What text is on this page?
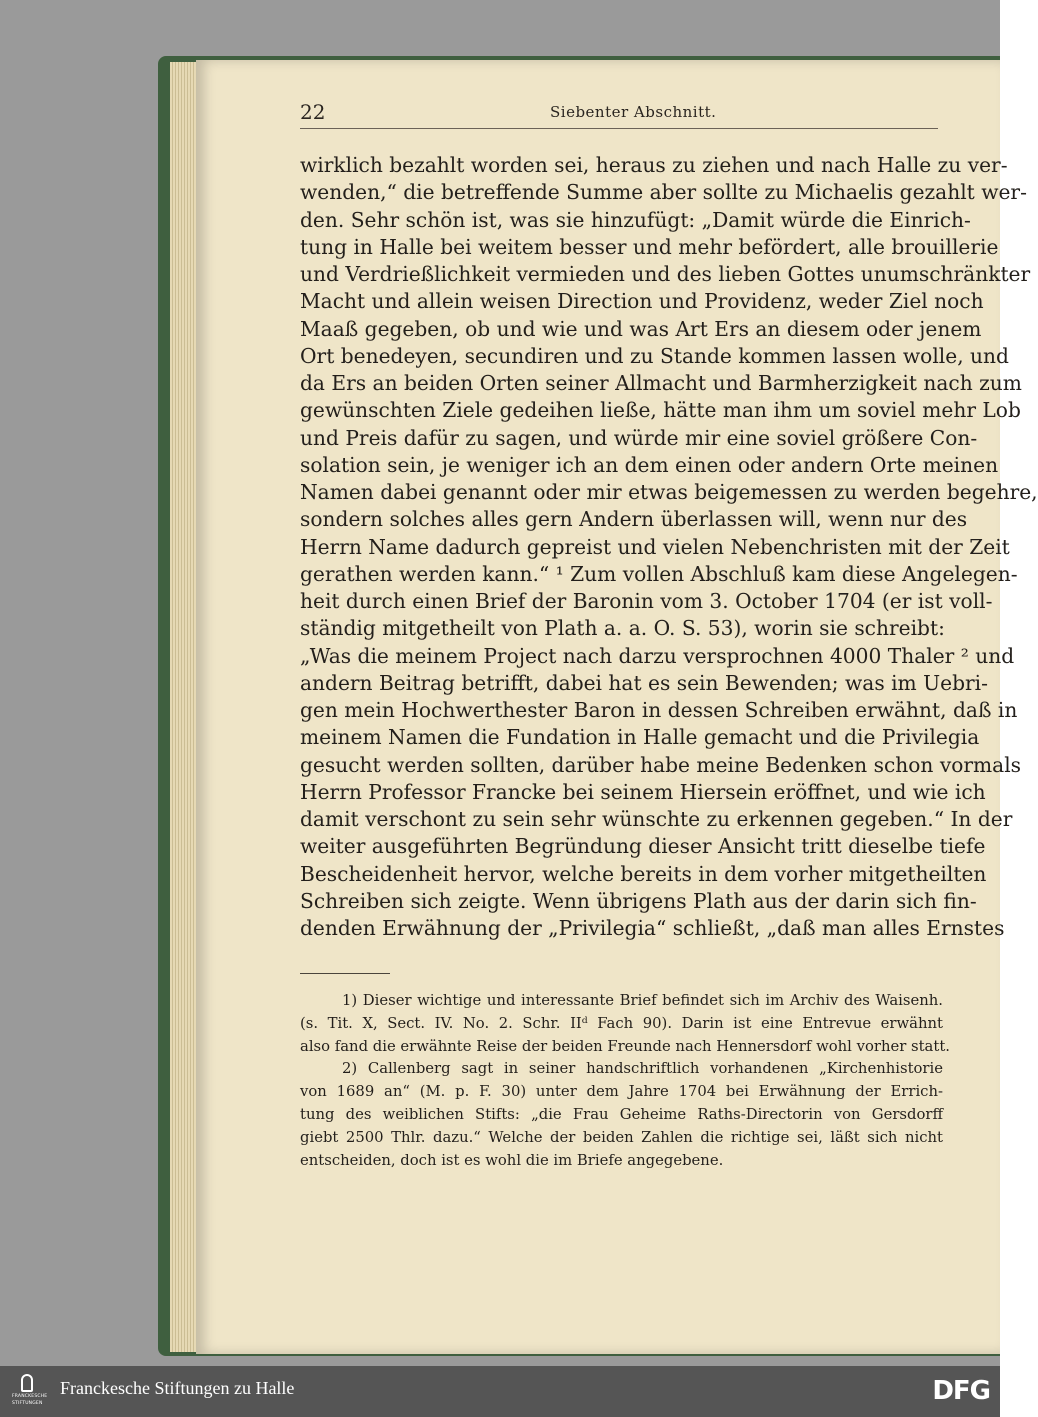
22	Siebenter Abschnitt.
wirklich bezahlt worden sei, heraus zu ziehen und nach Halle zu ver-
wenden,“ die betreffende Summe aber sollte zu Michaelis gezahlt wer-
den. Sehr schön ist, was sie hinzufügt: „Damit würde die Einrich-
tung in Halle bei weitem besser und mehr befördert, alle brouillerie
und Verdrießlichkeit vermieden und des lieben Gottes unumschränkter
Macht und allein weisen Direction und Providenz, weder Ziel noch
Maaß gegeben, ob und wie und was Art Ers an diesem oder jenem
Ort benedeyen, secundiren und zu Stande kommen lassen wolle, und
da Ers an beiden Orten seiner Allmacht und Barmherzigkeit nach zum
gewünschten Ziele gedeihen ließe, hätte man ihm um soviel mehr Lob
und Preis dafür zu sagen, und würde mir eine soviel größere Con-
solation sein, je weniger ich an dem einen oder andern Orte meinen
Namen dabei genannt oder mir etwas beigemessen zu werden begehre,
sondern solches alles gern Andern überlassen will, wenn nur des
Herrn Name dadurch gepreist und vielen Nebenchristen mit der Zeit
gerathen werden kann.“ ¹ Zum vollen Abschluß kam diese Angelegen-
heit durch einen Brief der Baronin vom 3. October 1704 (er ist voll-
ständig mitgetheilt von Plath a. a. O. S. 53), worin sie schreibt:
„Was die meinem Project nach darzu versprochnen 4000 Thaler ² und
andern Beitrag betrifft, dabei hat es sein Bewenden; was im Uebri-
gen mein Hochwerthester Baron in dessen Schreiben erwähnt, daß in
meinem Namen die Fundation in Halle gemacht und die Privilegia
gesucht werden sollten, darüber habe meine Bedenken schon vormals
Herrn Professor Francke bei seinem Hiersein eröffnet, und wie ich
damit verschont zu sein sehr wünschte zu erkennen gegeben.“ In der
weiter ausgeführten Begründung dieser Ansicht tritt dieselbe tiefe
Bescheidenheit hervor, welche bereits in dem vorher mitgetheilten
Schreiben sich zeigte. Wenn übrigens Plath aus der darin sich fin-
denden Erwähnung der „Privilegia“ schließt, „daß man alles Ernstes
1) Dieser wichtige und interessante Brief befindet sich im Archiv des Waisenh.
(s. Tit. X, Sect. IV. No. 2. Schr. IIᵈ Fach 90). Darin ist eine Entrevue erwähnt
also fand die erwähnte Reise der beiden Freunde nach Hennersdorf wohl vorher statt.
2) Callenberg sagt in seiner handschriftlich vorhandenen „Kirchenhistorie
von 1689 an“ (M. p. F. 30) unter dem Jahre 1704 bei Erwähnung der Errich-
tung des weiblichen Stifts: „die Frau Geheime Raths-Directorin von Gersdorff
giebt 2500 Thlr. dazu.“ Welche der beiden Zahlen die richtige sei, läßt sich nicht
entscheiden, doch ist es wohl die im Briefe angegebene.
FRANCKESCHE
STIFTUNGEN
Franckesche Stiftungen zu Halle	DFG
